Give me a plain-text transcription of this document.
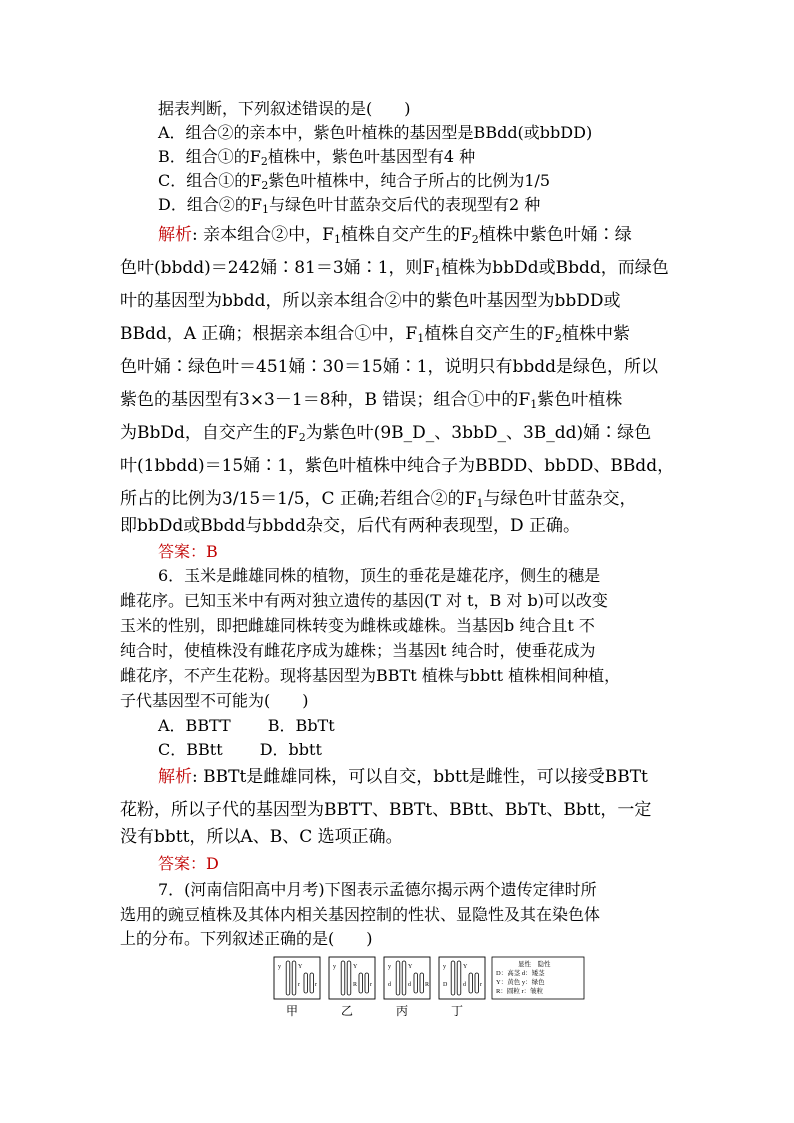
据表判断，下列叙述错误的是(　　)
A．组合②的亲本中，紫色叶植株的基因型是BBdd(或bbDD)
B．组合①的$F_2$植株中，紫色叶基因型有4 种
C．组合①的$F_2$紫色叶植株中，纯合子所占的比例为1/5
D．组合②的$F_1$与绿色叶甘蓝杂交后代的表现型有2 种
解析: 亲本组合②中，$F_1$植株自交产生的$F_2$植株中紫色叶㛚∶绿
色叶(bbdd)＝242㛚∶81＝3㛚∶1，则$F_1$植株为bbDd或Bbdd，而绿色
叶的基因型为bbdd，所以亲本组合②中的紫色叶基因型为bbDD或
BBdd，A 正确；根据亲本组合①中，$F_1$植株自交产生的$F_2$植株中紫
色叶㛚∶绿色叶＝451㛚∶30＝15㛚∶1，说明只有bbdd是绿色，所以
紫色的基因型有3×3－1＝8种，B 错误；组合①中的$F_1$紫色叶植株
为BbDd，自交产生的$F_2$为紫色叶(9B_D_、3bbD_、3B_dd)㛚∶绿色
叶(1bbdd)＝15㛚∶1，紫色叶植株中纯合子为BBDD、bbDD、BBdd，
所占的比例为3/15＝1/5，C 正确;若组合②的$F_1$与绿色叶甘蓝杂交，
即bbDd或Bbdd与bbdd杂交，后代有两种表现型，D 正确。
答案：B
6．玉米是雌雄同株的植物，顶生的垂花是雄花序，侧生的穗是
雌花序。已知玉米中有两对独立遗传的基因(T 对 t，B 对 b)可以改变
玉米的性别，即把雌雄同株转变为雌株或雄株。当基因b 纯合且t 不
纯合时，使植株没有雌花序成为雄株；当基因t 纯合时，使垂花成为
雌花序，不产生花粉。现将基因型为BBTt 植株与bbtt 植株相间种植，
子代基因型不可能为(　　)
A．BBTT　　 B．BbTt
C．BBtt　　 D．bbtt
解析: BBTt是雌雄同株，可以自交，bbtt是雌性，可以接受BBTt
花粉，所以子代的基因型为BBTT、BBTt、BBtt、BbTt、Bbtt，一定
没有bbtt，所以A、B、C 选项正确。
答案：D
7．(河南信阳高中月考)下图表示孟德尔揭示两个遗传定律时所
选用的豌豆植株及其体内相关基因控制的性状、显隐性及其在染色体
上的分布。下列叙述正确的是(　　)
y	Y
r	r
y	Y
R r
y	Y
d	d R
y	Y
D	d r
显性　隐性
D：高茎 d：矮茎
Y：黄色 y：绿色
R：圆粒 r：皱粒
甲	乙	丙	丁
